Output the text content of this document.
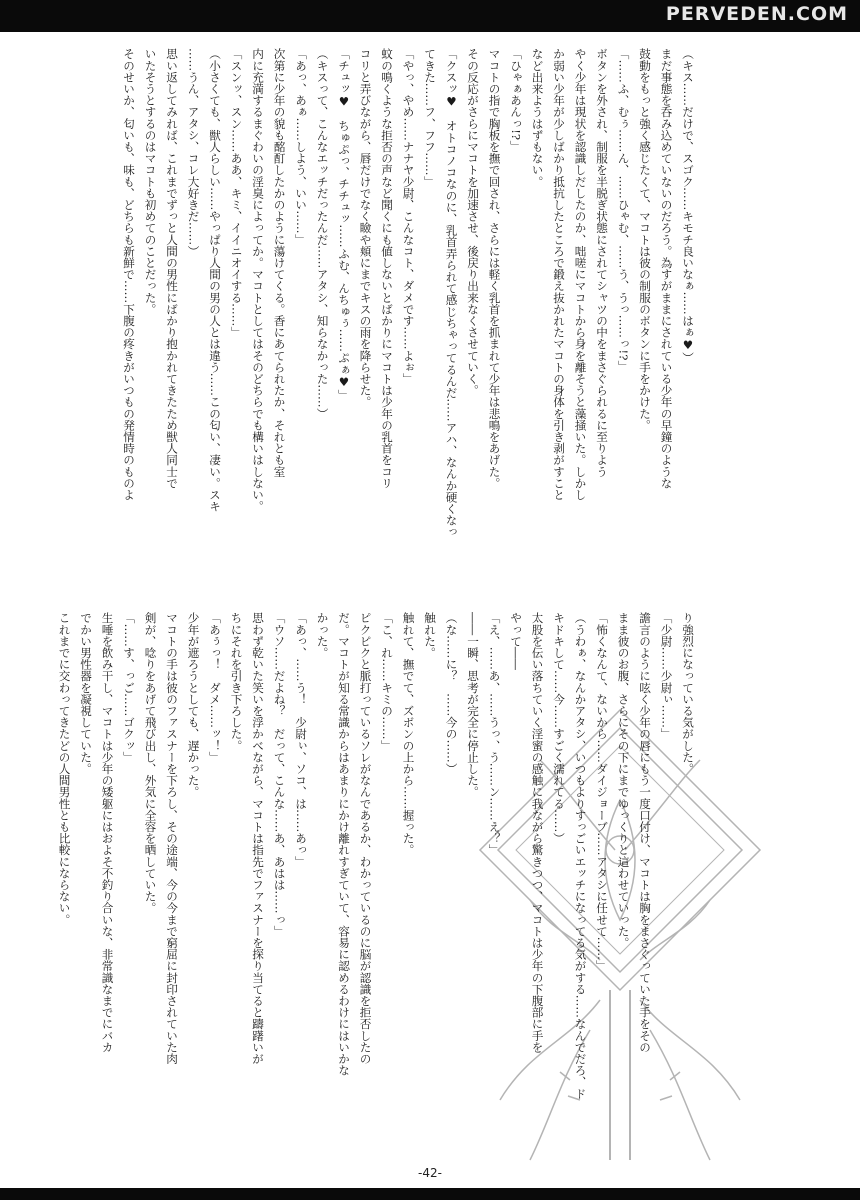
PERVEDEN.COM

（キス……だけで、スゴク……キモチ良いなぁ……はぁ♥）

まだ事態を呑み込めていないのだろう。為すがままにされている少年の早鐘のような

鼓動をもっと強く感じたくて、マコトは彼の制服のボタンに手をかけた。

「……ふ、むぅ……ん、……ひゃむ、……う、うっ……っ!?」

ボタンを外され、制服を半脱ぎ状態にされてシャツの中をまさぐられるに至りよう

やく少年は現状を認識しだしたのか、咄嗟にマコトから身を離そうと藻掻いた。しかし

か弱い少年が少しばかり抵抗したところで鍛え抜かれたマコトの身体を引き剥がすこと

など出来ようはずもない。

「ひゃぁあんっ!?」

マコトの指で胸板を撫で回され、さらには軽く乳首を抓まれて少年は悲鳴をあげた。

その反応がさらにマコトを加速させ、後戻り出来なくさせていく。

「クスッ♥　オトコノコなのに、乳首弄られて感じちゃってるんだ……アハ、なんか硬くなっ

てきた……フ、フフ……」

「やっ、やめ……ナナヤ少尉、こんなコト、ダメです……よぉ」

蚊の鳴くような拒否の声など聞くにも値しないとばかりにマコトは少年の乳首をコリ

コリと弄びながら、唇だけでなく瞼や頬にまでキスの雨を降らせた。

「チュッ♥　ちゅぷっ、チチュッ……ふむ、んちゅぅ……ぷぁ♥」

（キスって、こんなエッチだったんだ……アタシ、知らなかった……）

「あっ、あぁ……しよう、いい……」

次第に少年の貌も酩酊したかのように蕩けてくる。香にあてられたか、それとも室

内に充満するまぐわいの淫臭によってか。マコトとしてはそのどちらでも構いはしない。

「スンッ、スン……ああ、キミ、イイニオイする……」

（小さくても、獣人らしい……やっぱり人間の男の人とは違う……この匂い、凄い。スキ

……うん、アタシ、コレ大好きだ……）

思い返してみれば、これまでずっと人間の男性にばかり抱かれてきたため獣人同士で

いたそうとするのはマコトも初めてのことだった。

そのせいか、匂いも、味も、どちらも新鮮で……下腹の疼きがいつもの発情時のものよ

り強烈になっている気がした。

「少尉……少尉ぃ……」

譫言のように呟く少年の唇にもう一度口付け、マコトは胸をまさぐっていた手をその

まま彼のお腹、さらにその下にまでゆっくりと這わせていった。

「怖くなんて、ないから……ダイジョーブ……アタシに任せて……」

（うわぁ、なんかアタシ、いつもよりすっごいエッチになってる気がする……なんでだろ、ド

キドキして……今……すごく濡れてる……）

太股を伝い落ちていく淫蜜の感触に我ながら驚きつつ、マコトは少年の下腹部に手を

やって――

「え、……あ、……うっ、う……ン……え？」

――一瞬、思考が完全に停止した。

（な……に？　……今の……）

触れた。

触れて、撫でて、ズボンの上から……握った。

「こ、れ……キミの……」

ピクピクと脈打っているソレがなんであるか、わかっているのに脳が認識を拒否したの

だ。マコトが知る常識からはあまりにかけ離れすぎていて、容易に認めるわけにはいかな

かった。

「あっ、……う！　少尉ぃ、ソコ、は……あっ」

「ウソ……だよね？　だって、こんな……あ、あはは……っ」

思わず乾いた笑いを浮かべながら、マコトは指先でファスナーを探り当てると躊躇いが

ちにそれを引き下ろした。

「あぅっ！　ダメ……ッ！」

少年が遮ろうとしても、遅かった。

マコトの手は彼のファスナーを下ろし、その途端、今の今まで窮屈に封印されていた肉

剣が、唸りをあげて飛び出し、外気に全容を晒していた。

「……す、っご……ゴクッ」

生唾を飲み干し、マコトは少年の矮躯にはおよそ不釣り合いな、非常識なまでにバカ

でかい男性器を凝視していた。

これまでに交わってきたどの人間男性とも比較にならない。

-42-
